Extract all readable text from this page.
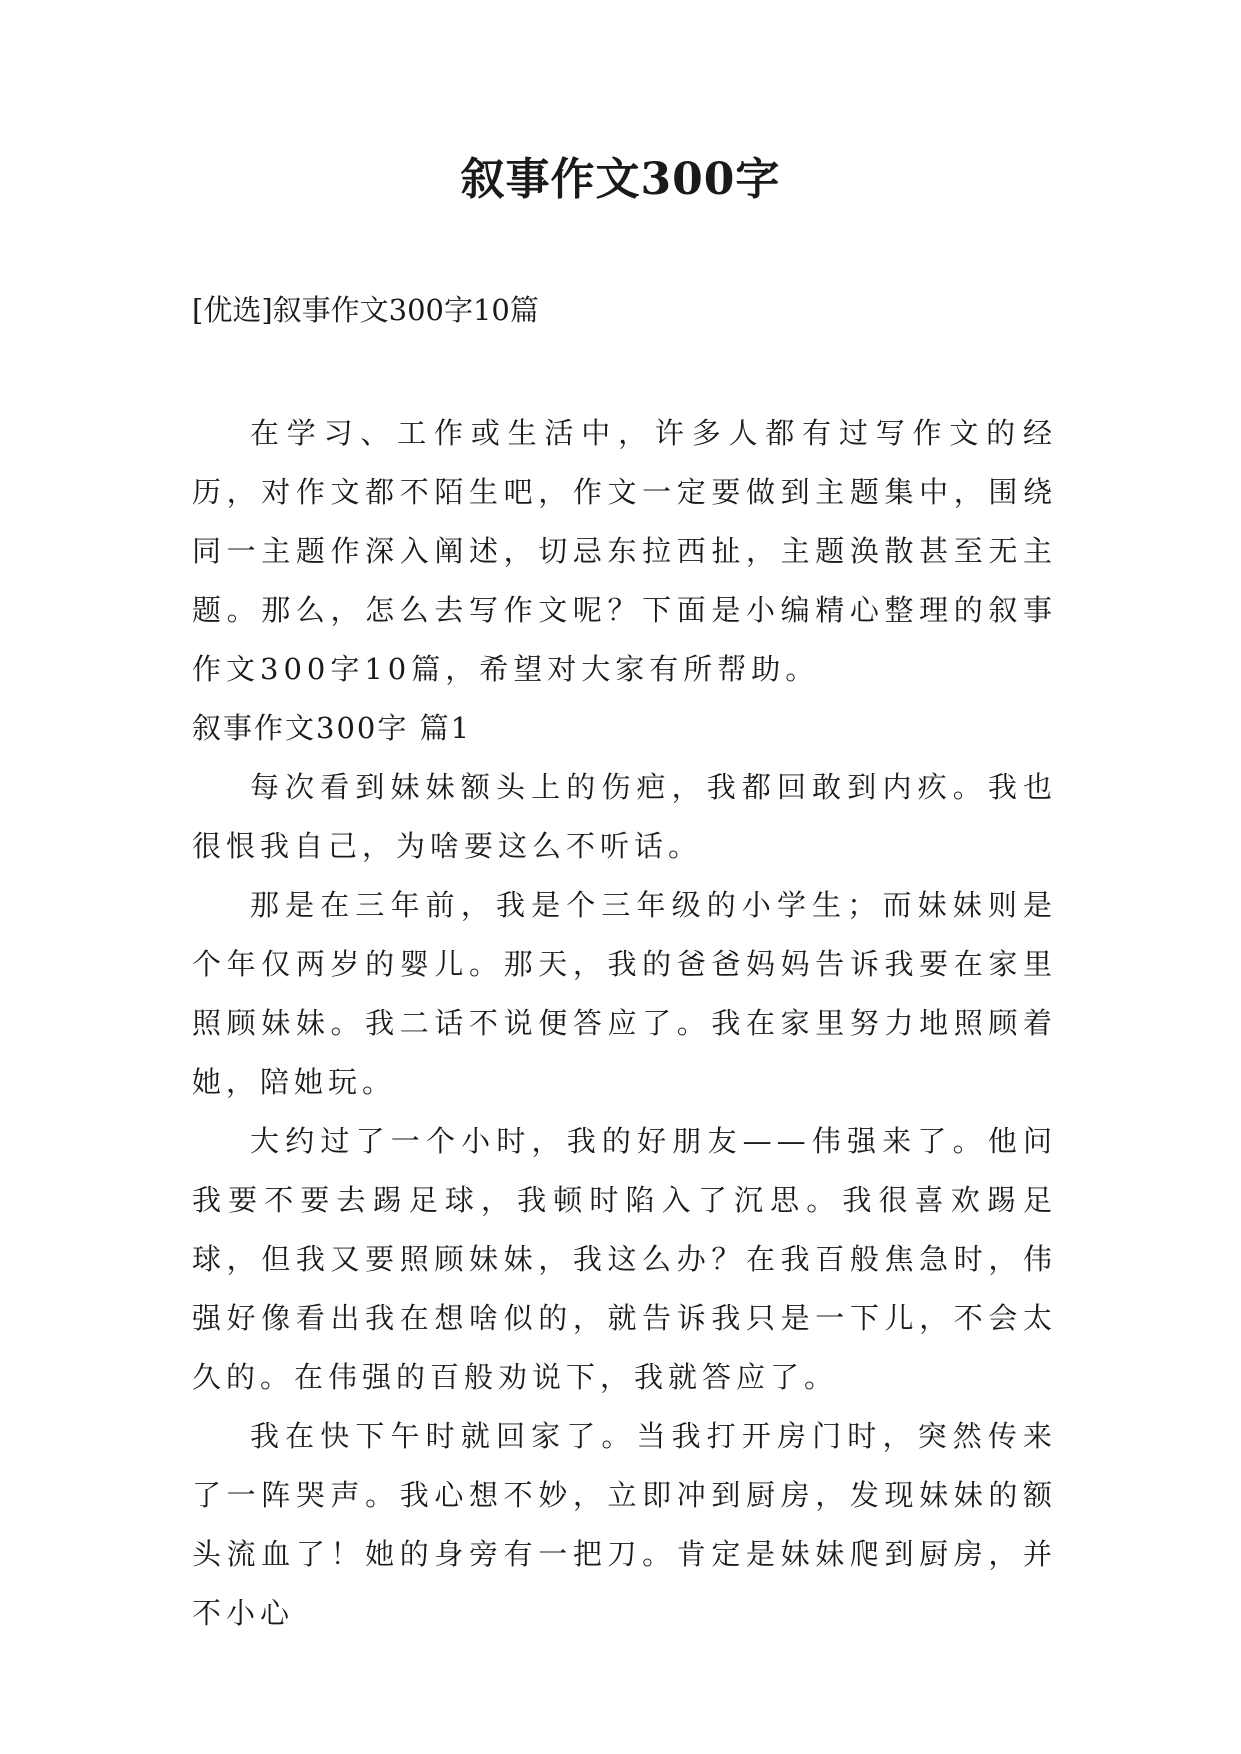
叙事作文300字
[优选]叙事作文300字10篇

在学习、工作或生活中，许多人都有过写作文的经历，对作文都不陌生吧，作文一定要做到主题集中，围绕同一主题作深入阐述，切忌东拉西扯，主题涣散甚至无主题。那么，怎么去写作文呢？下面是小编精心整理的叙事作文300字10篇，希望对大家有所帮助。

叙事作文300字 篇1

每次看到妹妹额头上的伤疤，我都回敢到内疚。我也很恨我自己，为啥要这么不听话。

那是在三年前，我是个三年级的小学生；而妹妹则是个年仅两岁的婴儿。那天，我的爸爸妈妈告诉我要在家里照顾妹妹。我二话不说便答应了。我在家里努力地照顾着她，陪她玩。

大约过了一个小时，我的好朋友——伟强来了。他问我要不要去踢足球，我顿时陷入了沉思。我很喜欢踢足球，但我又要照顾妹妹，我这么办？在我百般焦急时，伟强好像看出我在想啥似的，就告诉我只是一下儿，不会太久的。在伟强的百般劝说下，我就答应了。

我在快下午时就回家了。当我打开房门时，突然传来了一阵哭声。我心想不妙，立即冲到厨房，发现妹妹的额头流血了！她的身旁有一把刀。肯定是妹妹爬到厨房，并不小心
